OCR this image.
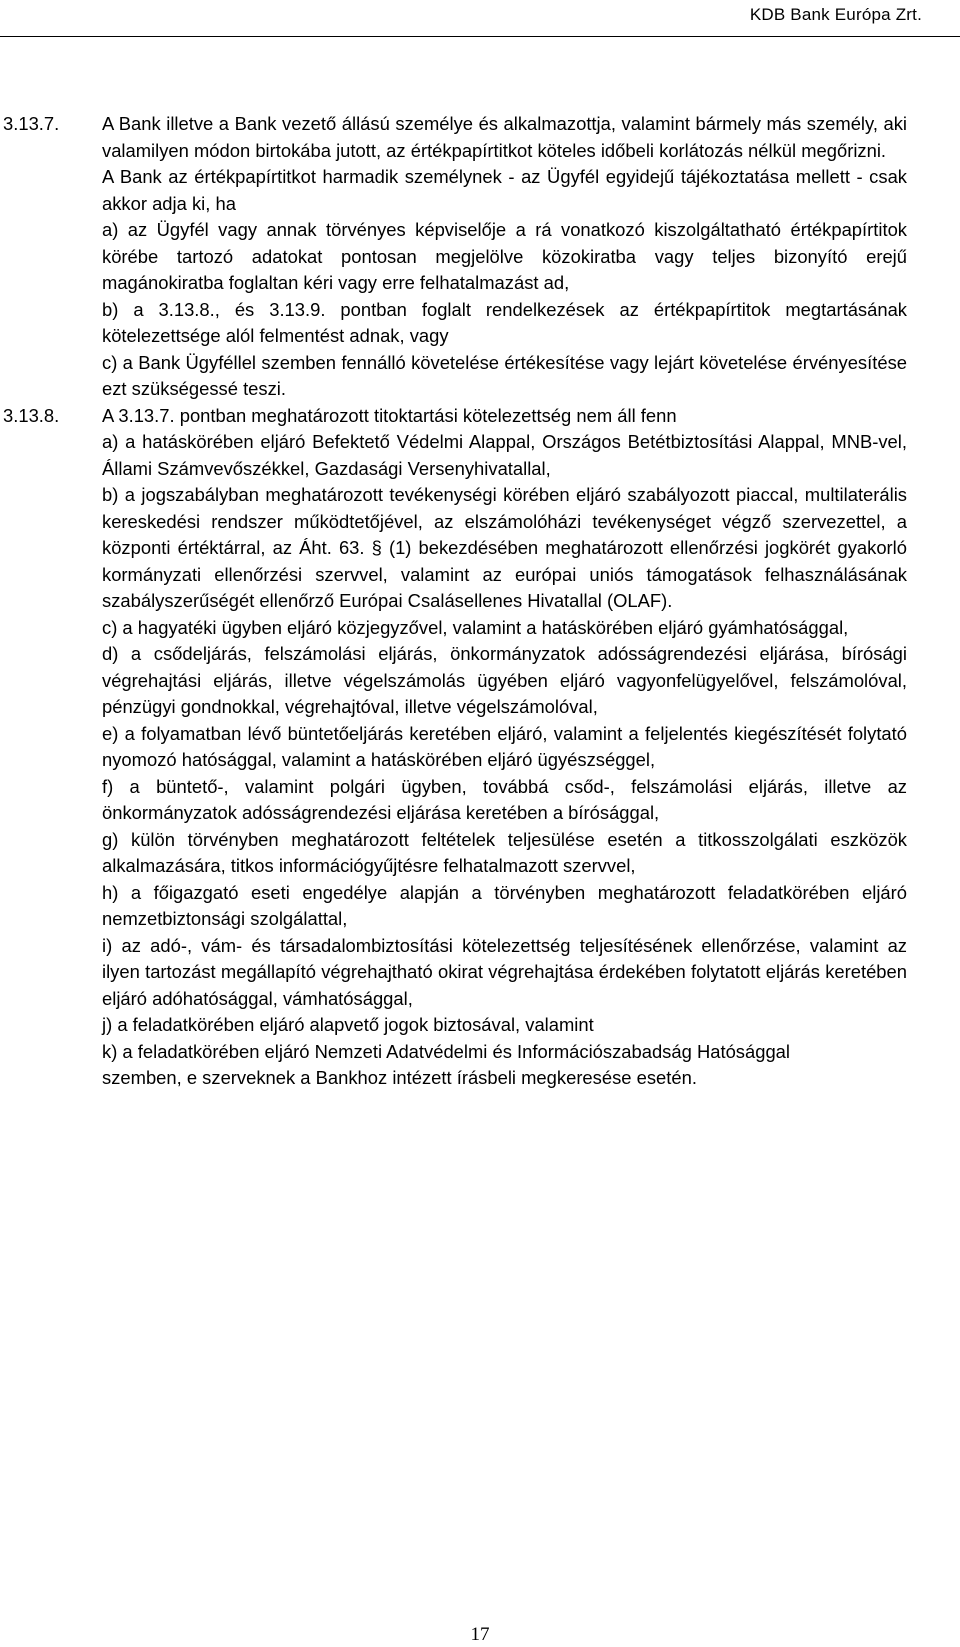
KDB Bank Európa Zrt.
3.13.7. A Bank illetve a Bank vezető állású személye és alkalmazottja, valamint bármely más személy, aki valamilyen módon birtokába jutott, az értékpapírtitkot köteles időbeli korlátozás nélkül megőrizni.

A Bank az értékpapírtitkot harmadik személynek - az Ügyfél egyidejű tájékoztatása mellett - csak akkor adja ki, ha

a) az Ügyfél vagy annak törvényes képviselője a rá vonatkozó kiszolgáltatható értékpapírtitok körébe tartozó adatokat pontosan megjelölve közokiratba vagy teljes bizonyító erejű magánokiratba foglaltan kéri vagy erre felhatalmazást ad,

b) a 3.13.8., és 3.13.9. pontban foglalt rendelkezések az értékpapírtitok megtartásának kötelezettsége alól felmentést adnak, vagy

c) a Bank Ügyféllel szemben fennálló követelése értékesítése vagy lejárt követelése érvényesítése ezt szükségessé teszi.

3.13.8. A 3.13.7. pontban meghatározott titoktartási kötelezettség nem áll fenn

a) a hatáskörében eljáró Befektető Védelmi Alappal, Országos Betétbiztosítási Alappal, MNB-vel, Állami Számvevőszékkel, Gazdasági Versenyhivatallal,

b) a jogszabályban meghatározott tevékenységi körében eljáró szabályozott piaccal, multilaterális kereskedési rendszer működtetőjével, az elszámolóházi tevékenységet végző szervezettel, a központi értéktárral, az Áht. 63. § (1) bekezdésében meghatározott ellenőrzési jogkörét gyakorló kormányzati ellenőrzési szervvel, valamint az európai uniós támogatások felhasználásának szabályszerűségét ellenőrző Európai Csalásellenes Hivatallal (OLAF).

c) a hagyatéki ügyben eljáró közjegyzővel, valamint a hatáskörében eljáró gyámhatósággal,

d) a csődeljárás, felszámolási eljárás, önkormányzatok adósságrendezési eljárása, bírósági végrehajtási eljárás, illetve végelszámolás ügyében eljáró vagyonfelügyelővel, felszámolóval, pénzügyi gondnokkal, végrehajtóval, illetve végelszámolóval,

e) a folyamatban lévő büntetőeljárás keretében eljáró, valamint a feljelentés kiegészítését folytató nyomozó hatósággal, valamint a hatáskörében eljáró ügyészséggel,

f) a büntető-, valamint polgári ügyben, továbbá csőd-, felszámolási eljárás, illetve az önkormányzatok adósságrendezési eljárása keretében a bírósággal,

g) külön törvényben meghatározott feltételek teljesülése esetén a titkosszolgálati eszközök alkalmazására, titkos információgyűjtésre felhatalmazott szervvel,

h) a főigazgató eseti engedélye alapján a törvényben meghatározott feladatkörében eljáró nemzetbiztonsági szolgálattal,

i) az adó-, vám- és társadalombiztosítási kötelezettség teljesítésének ellenőrzése, valamint az ilyen tartozást megállapító végrehajtható okirat végrehajtása érdekében folytatott eljárás keretében eljáró adóhatósággal, vámhatósággal,

j) a feladatkörében eljáró alapvető jogok biztosával, valamint

k) a feladatkörében eljáró Nemzeti Adatvédelmi és Információszabadság Hatósággal

szemben, e szerveknek a Bankhoz intézett írásbeli megkeresése esetén.

17
